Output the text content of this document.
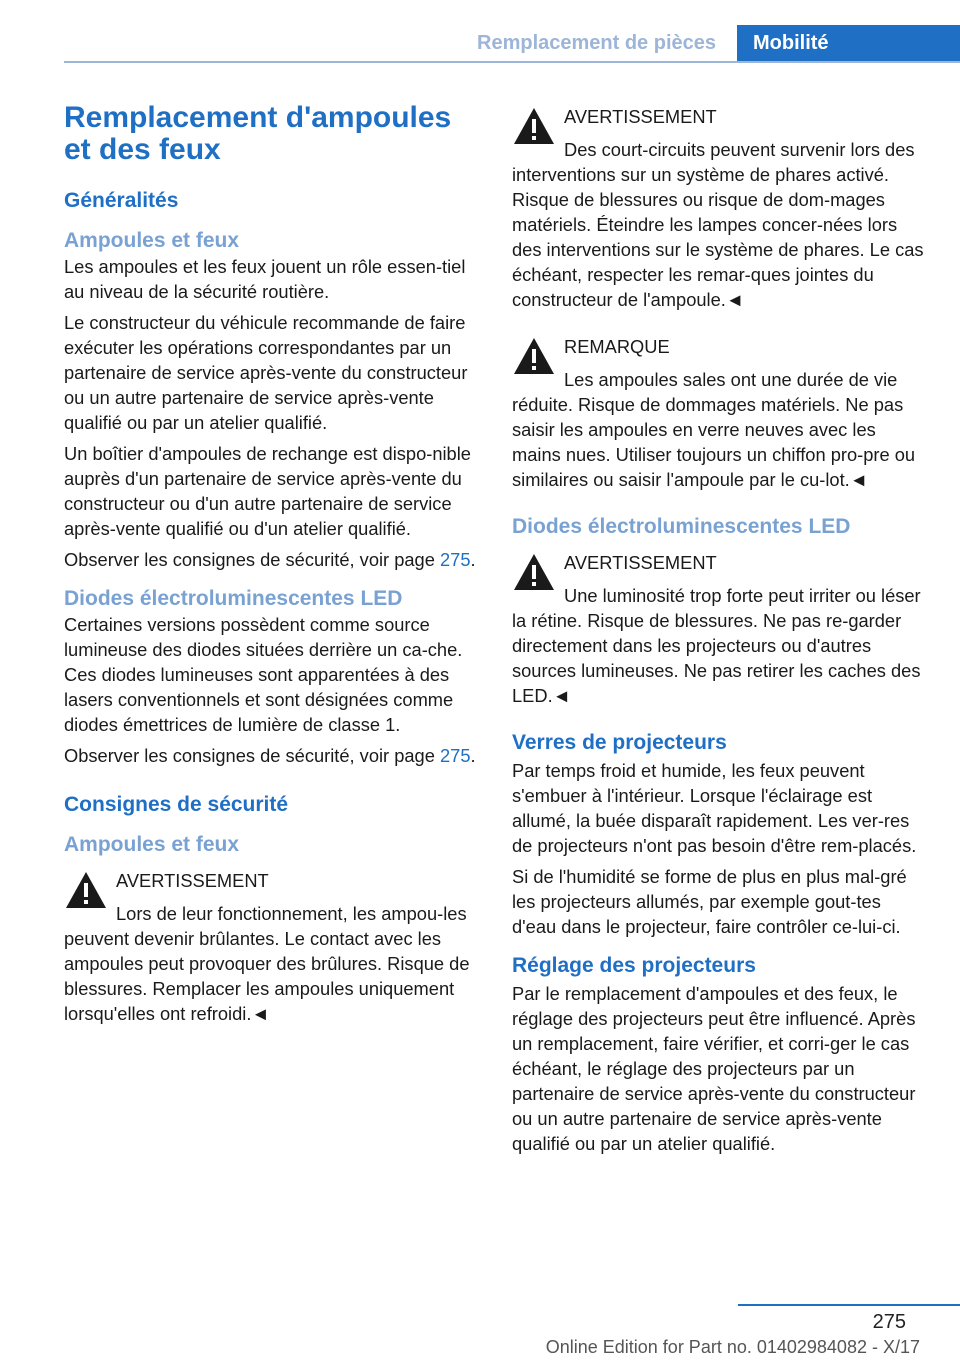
Remplacement de pièces	Mobilité
Remplacement d'ampoules et des feux
Généralités
Ampoules et feux
Les ampoules et les feux jouent un rôle essen-tiel au niveau de la sécurité routière.
Le constructeur du véhicule recommande de faire exécuter les opérations correspondantes par un partenaire de service après-vente du constructeur ou un autre partenaire de service après-vente qualifié ou par un atelier qualifié.
Un boîtier d'ampoules de rechange est dispo-nible auprès d'un partenaire de service après-vente du constructeur ou d'un autre partenaire de service après-vente qualifié ou d'un atelier qualifié.
Observer les consignes de sécurité, voir page 275.
Diodes électroluminescentes LED
Certaines versions possèdent comme source lumineuse des diodes situées derrière un ca-che. Ces diodes lumineuses sont apparentées à des lasers conventionnels et sont désignées comme diodes émettrices de lumière de classe 1.
Observer les consignes de sécurité, voir page 275.
Consignes de sécurité
Ampoules et feux
AVERTISSEMENT
Lors de leur fonctionnement, les ampou-les peuvent devenir brûlantes. Le contact avec les ampoules peut provoquer des brûlures. Risque de blessures. Remplacer les ampoules uniquement lorsqu'elles ont refroidi.◄
AVERTISSEMENT
Des court-circuits peuvent survenir lors des interventions sur un système de phares activé. Risque de blessures ou risque de dom-mages matériels. Éteindre les lampes concer-nées lors des interventions sur le système de phares. Le cas échéant, respecter les remar-ques jointes du constructeur de l'ampoule.◄
REMARQUE
Les ampoules sales ont une durée de vie réduite. Risque de dommages matériels. Ne pas saisir les ampoules en verre neuves avec les mains nues. Utiliser toujours un chiffon pro-pre ou similaires ou saisir l'ampoule par le cu-lot.◄
Diodes électroluminescentes LED
AVERTISSEMENT
Une luminosité trop forte peut irriter ou léser la rétine. Risque de blessures. Ne pas re-garder directement dans les projecteurs ou d'autres sources lumineuses. Ne pas retirer les caches des LED.◄
Verres de projecteurs
Par temps froid et humide, les feux peuvent s'embuer à l'intérieur. Lorsque l'éclairage est allumé, la buée disparaît rapidement. Les ver-res de projecteurs n'ont pas besoin d'être rem-placés.
Si de l'humidité se forme de plus en plus mal-gré les projecteurs allumés, par exemple gout-tes d'eau dans le projecteur, faire contrôler ce-lui-ci.
Réglage des projecteurs
Par le remplacement d'ampoules et des feux, le réglage des projecteurs peut être influencé. Après un remplacement, faire vérifier, et corri-ger le cas échéant, le réglage des projecteurs par un partenaire de service après-vente du constructeur ou un autre partenaire de service après-vente qualifié ou par un atelier qualifié.
275
Online Edition for Part no. 01402984082 - X/17
